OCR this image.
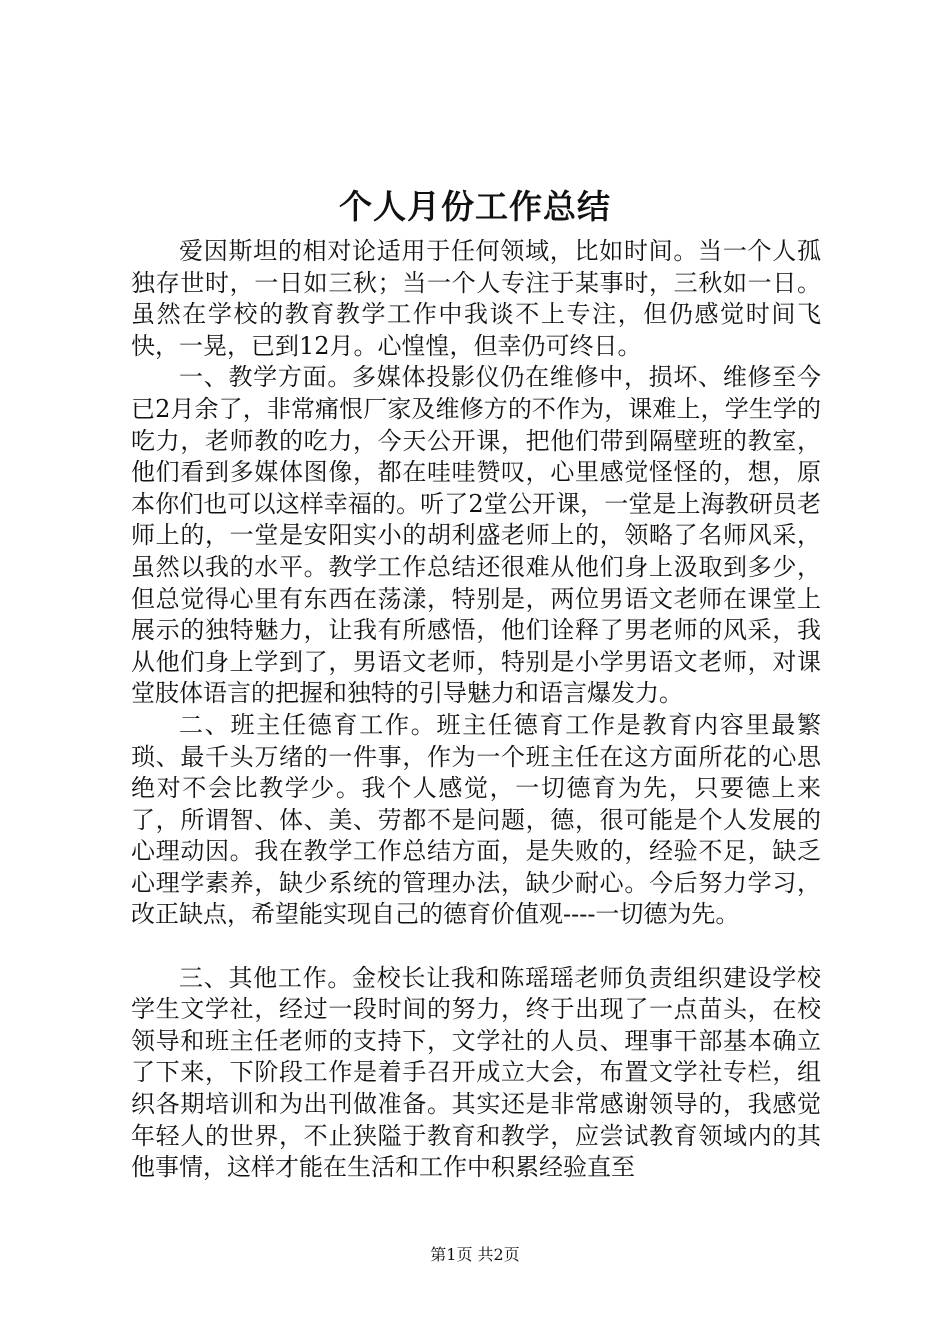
个人月份工作总结

爱因斯坦的相对论适用于任何领域，比如时间。当一个人孤独存世时，一日如三秋；当一个人专注于某事时，三秋如一日。虽然在学校的教育教学工作中我谈不上专注，但仍感觉时间飞快，一晃，已到12月。心惶惶，但幸仍可终日。

一、教学方面。多媒体投影仪仍在维修中，损坏、维修至今已2月余了，非常痛恨厂家及维修方的不作为，课难上，学生学的吃力，老师教的吃力，今天公开课，把他们带到隔壁班的教室，他们看到多媒体图像，都在哇哇赞叹，心里感觉怪怪的，想，原本你们也可以这样幸福的。听了2堂公开课，一堂是上海教研员老师上的，一堂是安阳实小的胡利盛老师上的，领略了名师风采，虽然以我的水平。教学工作总结还很难从他们身上汲取到多少，但总觉得心里有东西在荡漾，特别是，两位男语文老师在课堂上展示的独特魅力，让我有所感悟，他们诠释了男老师的风采，我从他们身上学到了，男语文老师，特别是小学男语文老师，对课堂肢体语言的把握和独特的引导魅力和语言爆发力。

二、班主任德育工作。班主任德育工作是教育内容里最繁琐、最千头万绪的一件事，作为一个班主任在这方面所花的心思绝对不会比教学少。我个人感觉，一切德育为先，只要德上来了，所谓智、体、美、劳都不是问题，德，很可能是个人发展的心理动因。我在教学工作总结方面，是失败的，经验不足，缺乏心理学素养，缺少系统的管理办法，缺少耐心。今后努力学习，改正缺点，希望能实现自己的德育价值观----一切德为先。

三、其他工作。金校长让我和陈瑶瑶老师负责组织建设学校学生文学社，经过一段时间的努力，终于出现了一点苗头，在校领导和班主任老师的支持下，文学社的人员、理事干部基本确立了下来，下阶段工作是着手召开成立大会，布置文学社专栏，组织各期培训和为出刊做准备。其实还是非常感谢领导的，我感觉年轻人的世界，不止狭隘于教育和教学，应尝试教育领域内的其他事情，这样才能在生活和工作中积累经验直至

第1页 共2页
